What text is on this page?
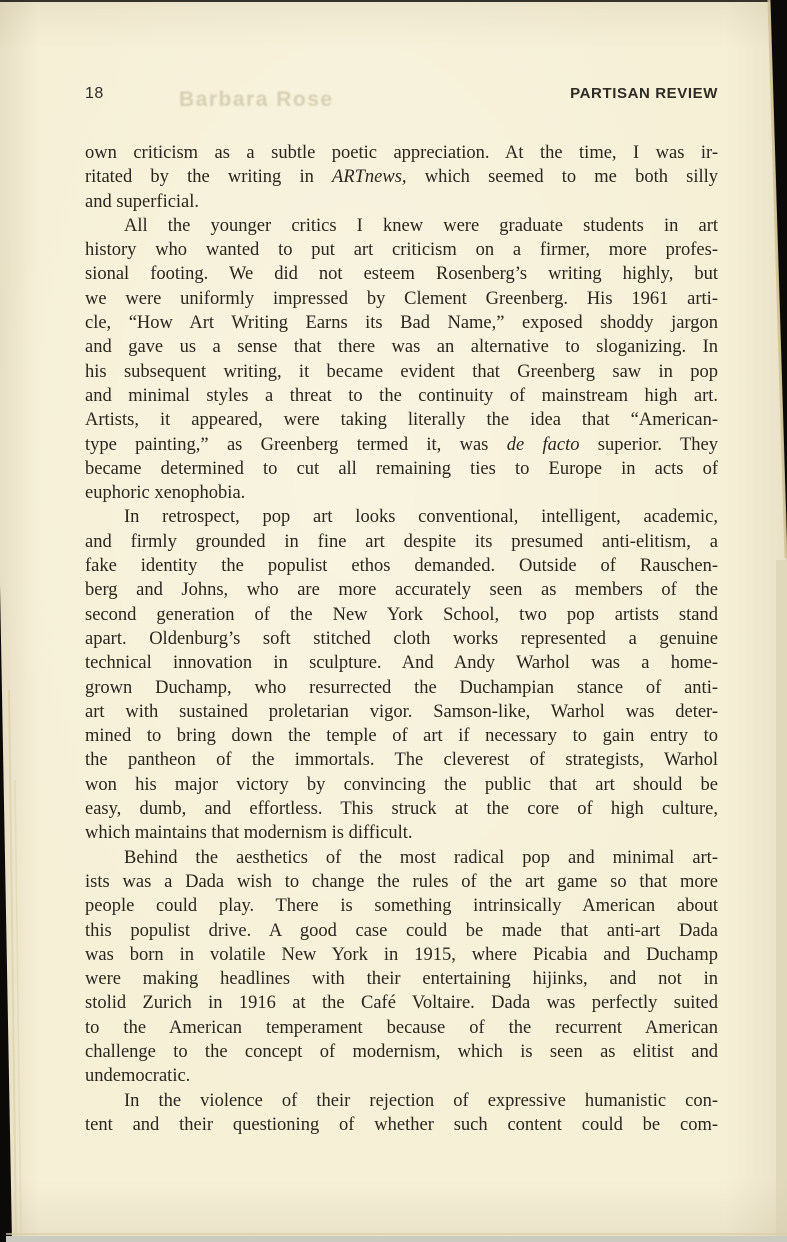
18	PARTISAN REVIEW
Barbara Rose
own criticism as a subtle poetic appreciation. At the time, I was ir-
ritated by the writing in ARTnews, which seemed to me both silly
and superficial.
All the younger critics I knew were graduate students in art
history who wanted to put art criticism on a firmer, more profes-
sional footing. We did not esteem Rosenberg’s writing highly, but
we were uniformly impressed by Clement Greenberg. His 1961 arti-
cle, “How Art Writing Earns its Bad Name,” exposed shoddy jargon
and gave us a sense that there was an alternative to sloganizing. In
his subsequent writing, it became evident that Greenberg saw in pop
and minimal styles a threat to the continuity of mainstream high art.
Artists, it appeared, were taking literally the idea that “American-
type painting,” as Greenberg termed it, was de facto superior. They
became determined to cut all remaining ties to Europe in acts of
euphoric xenophobia.
In retrospect, pop art looks conventional, intelligent, academic,
and firmly grounded in fine art despite its presumed anti-elitism, a
fake identity the populist ethos demanded. Outside of Rauschen-
berg and Johns, who are more accurately seen as members of the
second generation of the New York School, two pop artists stand
apart. Oldenburg’s soft stitched cloth works represented a genuine
technical innovation in sculpture. And Andy Warhol was a home-
grown Duchamp, who resurrected the Duchampian stance of anti-
art with sustained proletarian vigor. Samson-like, Warhol was deter-
mined to bring down the temple of art if necessary to gain entry to
the pantheon of the immortals. The cleverest of strategists, Warhol
won his major victory by convincing the public that art should be
easy, dumb, and effortless. This struck at the core of high culture,
which maintains that modernism is difficult.
Behind the aesthetics of the most radical pop and minimal art-
ists was a Dada wish to change the rules of the art game so that more
people could play. There is something intrinsically American about
this populist drive. A good case could be made that anti-art Dada
was born in volatile New York in 1915, where Picabia and Duchamp
were making headlines with their entertaining hijinks, and not in
stolid Zurich in 1916 at the Café Voltaire. Dada was perfectly suited
to the American temperament because of the recurrent American
challenge to the concept of modernism, which is seen as elitist and
undemocratic.
In the violence of their rejection of expressive humanistic con-
tent and their questioning of whether such content could be com-
